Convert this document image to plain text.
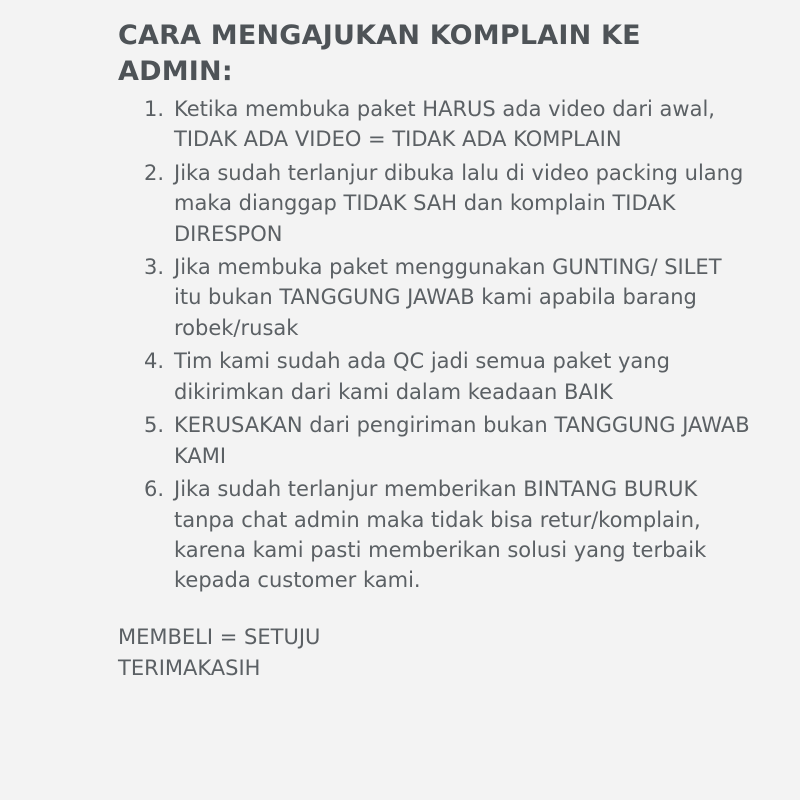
CARA MENGAJUKAN KOMPLAIN KE ADMIN:
1. Ketika membuka paket HARUS ada video dari awal, TIDAK ADA VIDEO = TIDAK ADA KOMPLAIN
2. Jika sudah terlanjur dibuka lalu di video packing ulang maka dianggap TIDAK SAH dan komplain TIDAK DIRESPON
3. Jika membuka paket menggunakan GUNTING/ SILET itu bukan TANGGUNG JAWAB kami apabila barang robek/rusak
4. Tim kami sudah ada QC jadi semua paket yang dikirimkan dari kami dalam keadaan BAIK
5. KERUSAKAN dari pengiriman bukan TANGGUNG JAWAB KAMI
6. Jika sudah terlanjur memberikan BINTANG BURUK tanpa chat admin maka tidak bisa retur/komplain, karena kami pasti memberikan solusi yang terbaik kepada customer kami.
MEMBELI = SETUJU
TERIMAKASIH
